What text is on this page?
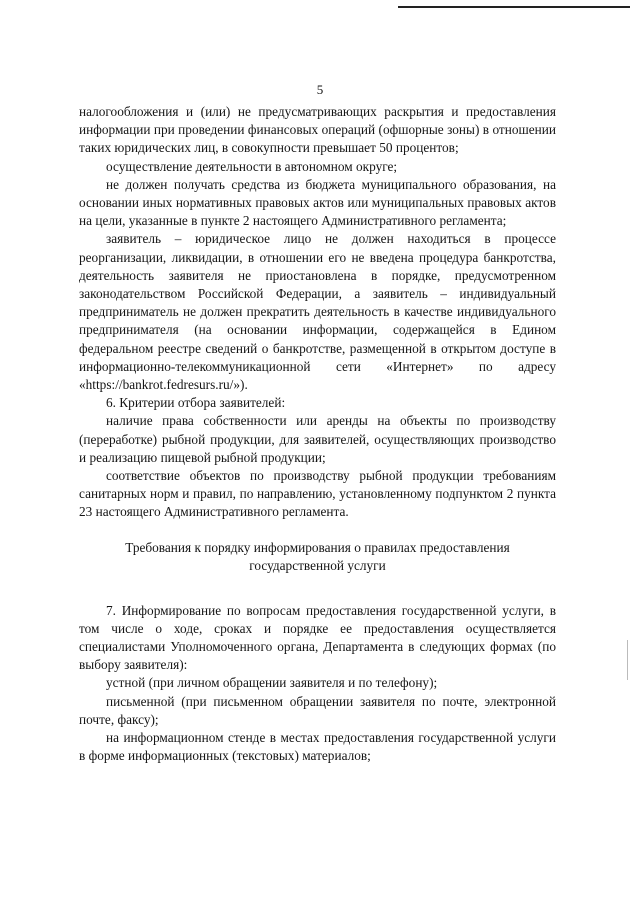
5

налогообложения и (или) не предусматривающих раскрытия и предоставления информации при проведении финансовых операций (офшорные зоны) в отношении таких юридических лиц, в совокупности превышает 50 процентов;

осуществление деятельности в автономном округе;

не должен получать средства из бюджета муниципального образования, на основании иных нормативных правовых актов или муниципальных правовых актов на цели, указанные в пункте 2 настоящего Административного регламента;

заявитель – юридическое лицо не должен находиться в процессе реорганизации, ликвидации, в отношении его не введена процедура банкротства, деятельность заявителя не приостановлена в порядке, предусмотренном законодательством Российской Федерации, а заявитель – индивидуальный предприниматель не должен прекратить деятельность в качестве индивидуального предпринимателя (на основании информации, содержащейся в Едином федеральном реестре сведений о банкротстве, размещенной в открытом доступе в информационно-телекоммуникационной сети «Интернет» по адресу «https://bankrot.fedresurs.ru/»).

6. Критерии отбора заявителей:

наличие права собственности или аренды на объекты по производству (переработке) рыбной продукции, для заявителей, осуществляющих производство и реализацию пищевой рыбной продукции;

соответствие объектов по производству рыбной продукции требованиям санитарных норм и правил, по направлению, установленному подпунктом 2 пункта 23 настоящего Административного регламента.

Требования к порядку информирования о правилах предоставления
государственной услуги

7. Информирование по вопросам предоставления государственной услуги, в том числе о ходе, сроках и порядке ее предоставления осуществляется специалистами Уполномоченного органа, Департамента в следующих формах (по выбору заявителя):

устной (при личном обращении заявителя и по телефону);

письменной (при письменном обращении заявителя по почте, электронной почте, факсу);

на информационном стенде в местах предоставления государственной услуги в форме информационных (текстовых) материалов;
